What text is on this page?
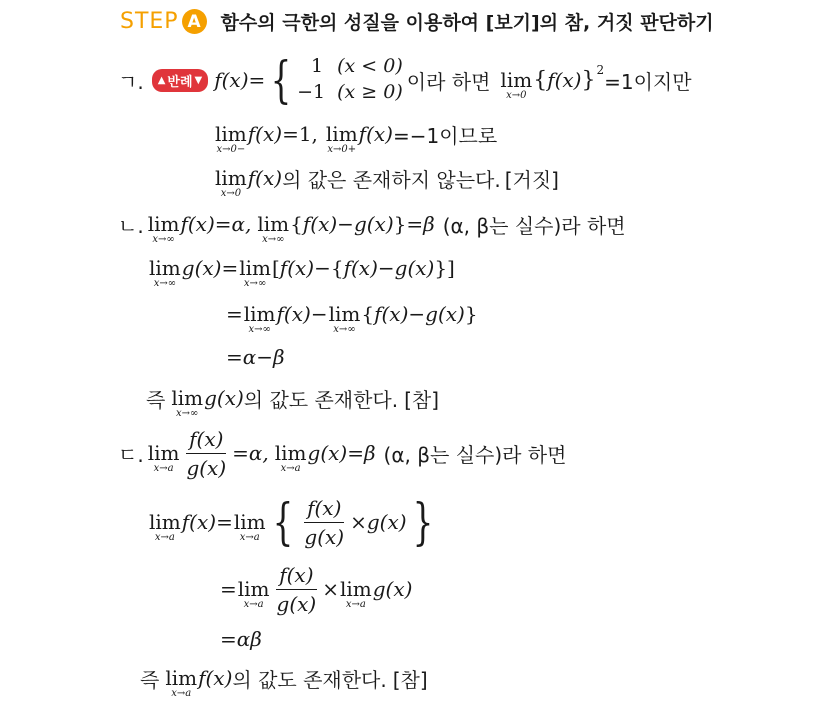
STEP A	함수의 극한의 성질을 이용하여 [보기]의 참, 거짓 판단하기
ㄱ. ▲ 반례 ▼ f(x) = {	1 (x < 0)
−1 (x ≥ 0) 이라 하면 lim
x→0
{ f(x) } 2 =1이지만
lim
x→0−
f(x) =1, lim
x→0+
f(x) =−1이므로
lim
x→0
f(x) 의 값은 존재하지 않는다. [거짓]
ㄴ. lim
x→∞
f(x) =α, lim
x→∞
{ f(x) − g(x) } =β (α, β는 실수)라 하면
lim
x→∞
g(x) = lim
x→∞
[ f(x) −{ f(x) − g(x) }]
= lim
x→∞
f(x) − lim
x→∞
{ f(x) − g(x) }
=α−β
즉 lim
x→∞
g(x) 의 값도 존재한다. [참]
ㄷ. lim
$x\to a \frac{f(x)}{g(x)} =\alpha$, lim
x→a
g(x) =β (α, β는 실수)라 하면
lim
x→a
f(x) = lim
x→a { $\frac{f(x)}{g(x)} \times g(x)$ }
= lim
$x\to a \frac{f(x)}{g(x)} \times \lim$
x→a
g(x)
=αβ
즉 lim
x→a
f(x) 의 값도 존재한다. [참]
